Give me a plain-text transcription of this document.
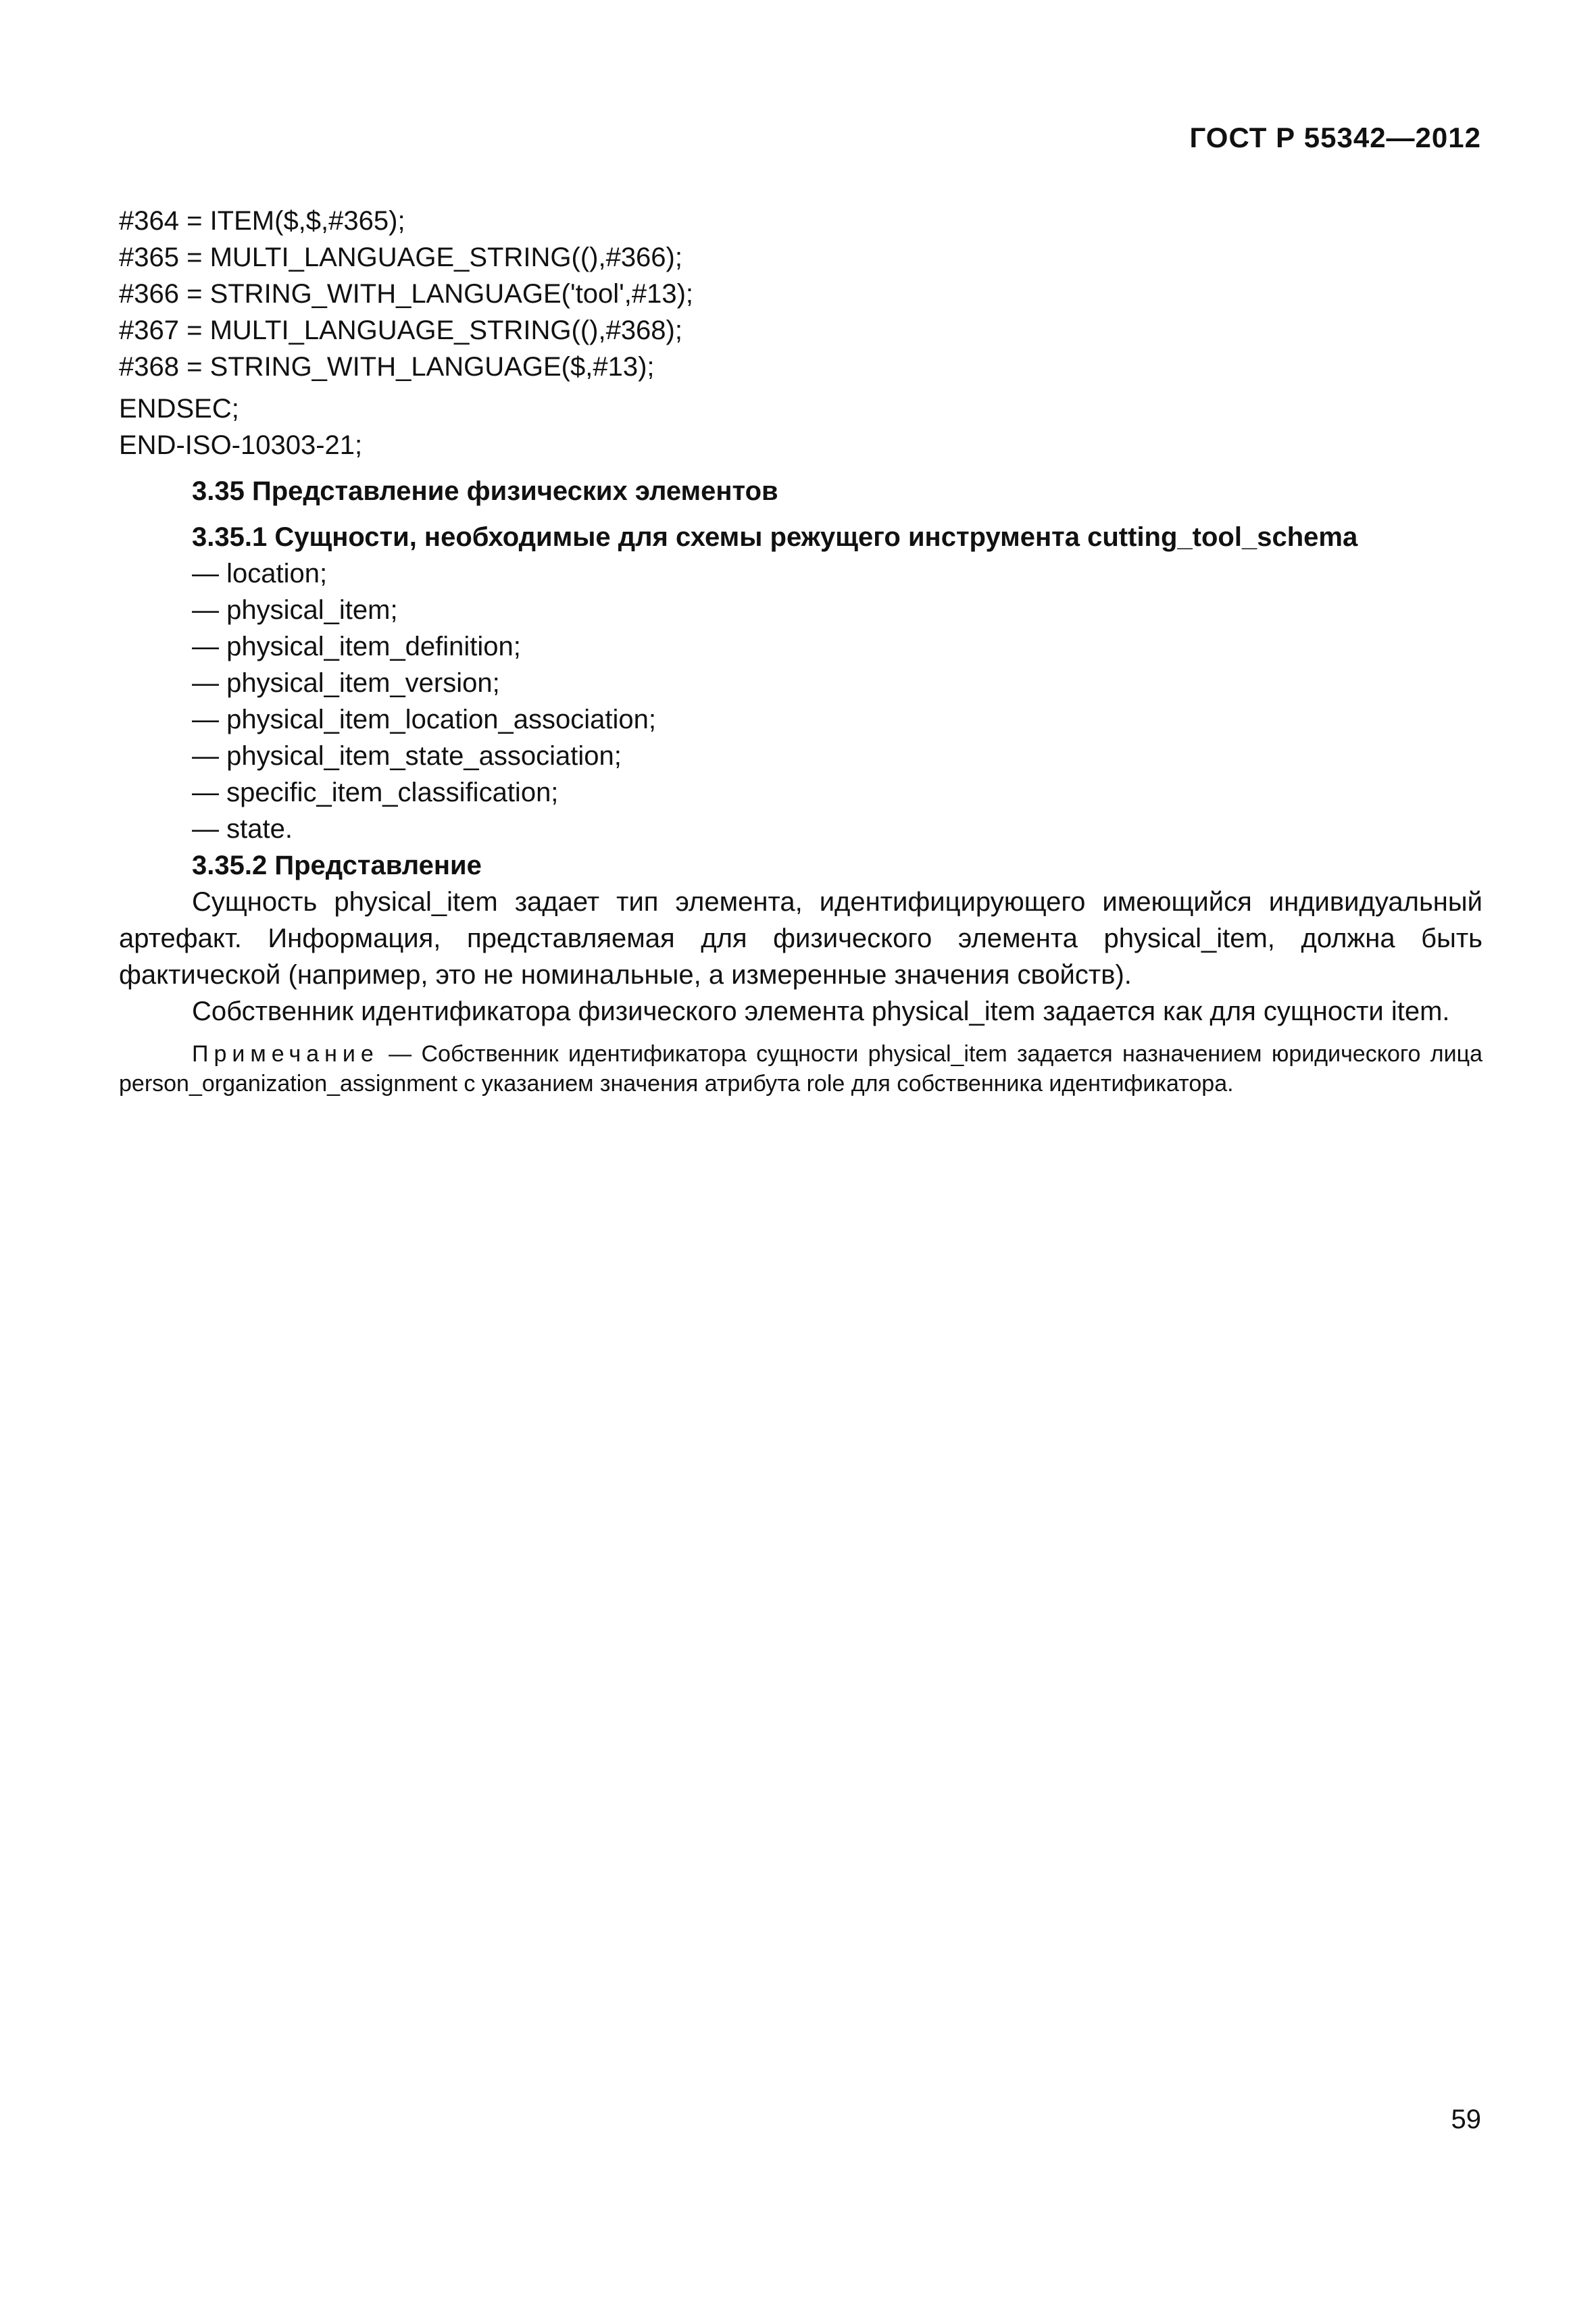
ГОСТ Р 55342—2012
#364 = ITEM($,$,#365);
#365 = MULTI_LANGUAGE_STRING((),#366);
#366 = STRING_WITH_LANGUAGE('tool',#13);
#367 = MULTI_LANGUAGE_STRING((),#368);
#368 = STRING_WITH_LANGUAGE($,#13);
ENDSEC;
END-ISO-10303-21;
3.35 Представление физических элементов
3.35.1 Сущности, необходимые для схемы режущего инструмента cutting_tool_schema
— location;
— physical_item;
— physical_item_definition;
— physical_item_version;
— physical_item_location_association;
— physical_item_state_association;
— specific_item_classification;
— state.
3.35.2 Представление

Сущность physical_item задает тип элемента, идентифицирующего имеющийся индивидуальный артефакт. Информация, представляемая для физического элемента physical_item, должна быть фактической (например, это не номинальные, а измеренные значения свойств).

Собственник идентификатора физического элемента physical_item задается как для сущности item.

Примечание — Собственник идентификатора сущности physical_item задается назначением юридического лица person_organization_assignment с указанием значения атрибута role для собственника идентификатора.

59
